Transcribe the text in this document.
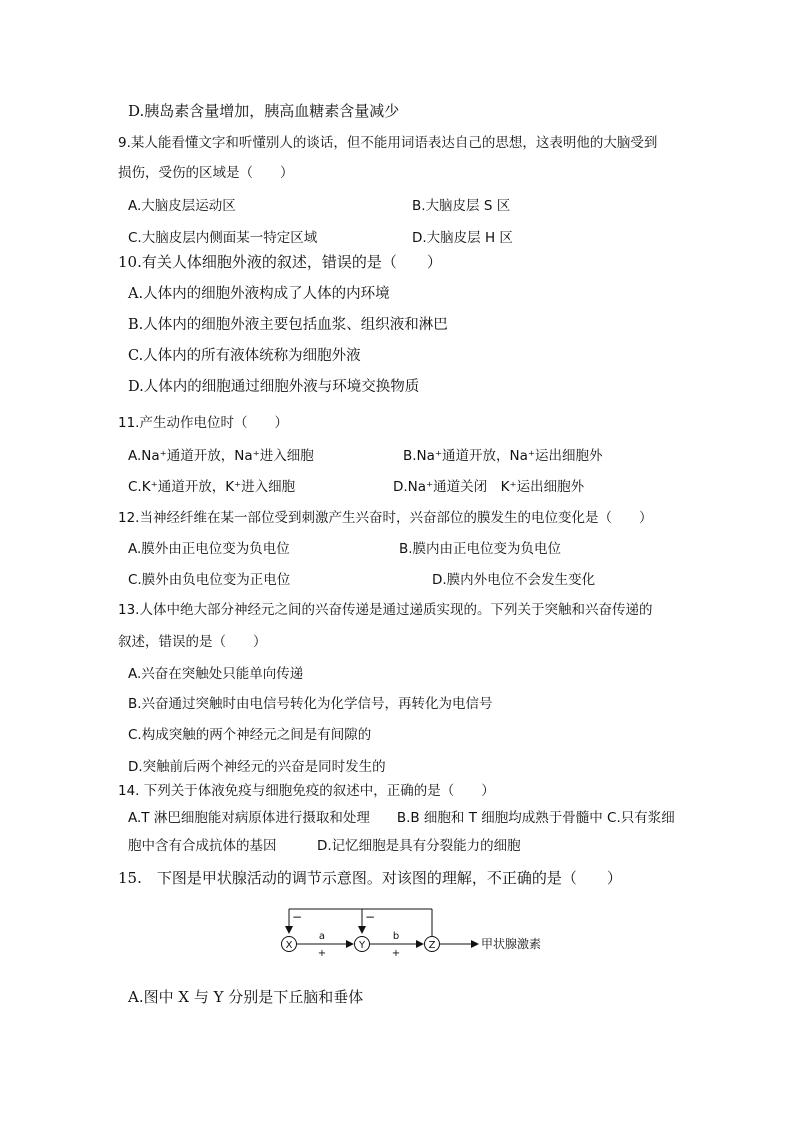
D.胰岛素含量增加，胰高血糖素含量减少
9.某人能看懂文字和听懂别人的谈话，但不能用词语表达自己的思想，这表明他的大脑受到
损伤，受伤的区域是（　　）
A.大脑皮层运动区	B.大脑皮层 S 区
C.大脑皮层内侧面某一特定区域	D.大脑皮层 H 区
10.有关人体细胞外液的叙述，错误的是（　　）
A.人体内的细胞外液构成了人体的内环境
B.人体内的细胞外液主要包括血浆、组织液和淋巴
C.人体内的所有液体统称为细胞外液
D.人体内的细胞通过细胞外液与环境交换物质
11.产生动作电位时（　　）
A.Na⁺通道开放，Na⁺进入细胞	B.Na⁺通道开放，Na⁺运出细胞外
C.K⁺通道开放，K⁺进入细胞	D.Na⁺通道关闭　K⁺运出细胞外
12.当神经纤维在某一部位受到刺激产生兴奋时，兴奋部位的膜发生的电位变化是（　　）
A.膜外由正电位变为负电位	B.膜内由正电位变为负电位
C.膜外由负电位变为正电位	D.膜内外电位不会发生变化
13.人体中绝大部分神经元之间的兴奋传递是通过递质实现的。下列关于突触和兴奋传递的
叙述，错误的是（　　）
A.兴奋在突触处只能单向传递
B.兴奋通过突触时由电信号转化为化学信号，再转化为电信号
C.构成突触的两个神经元之间是有间隙的
D.突触前后两个神经元的兴奋是同时发生的
14. 下列关于体液免疫与细胞免疫的叙述中，正确的是（　　）
A.T 淋巴细胞能对病原体进行摄取和处理　　B.B 细胞和 T 细胞均成熟于骨髓中 C.只有浆细
胞中含有合成抗体的基因　　　D.记忆细胞是具有分裂能力的细胞
15.　下图是甲状腺活动的调节示意图。对该图的理解，不正确的是（　　）
−	−
X	Y	Z
a
+
b
+
甲状腺激素
A.图中 X 与 Y 分别是下丘脑和垂体
